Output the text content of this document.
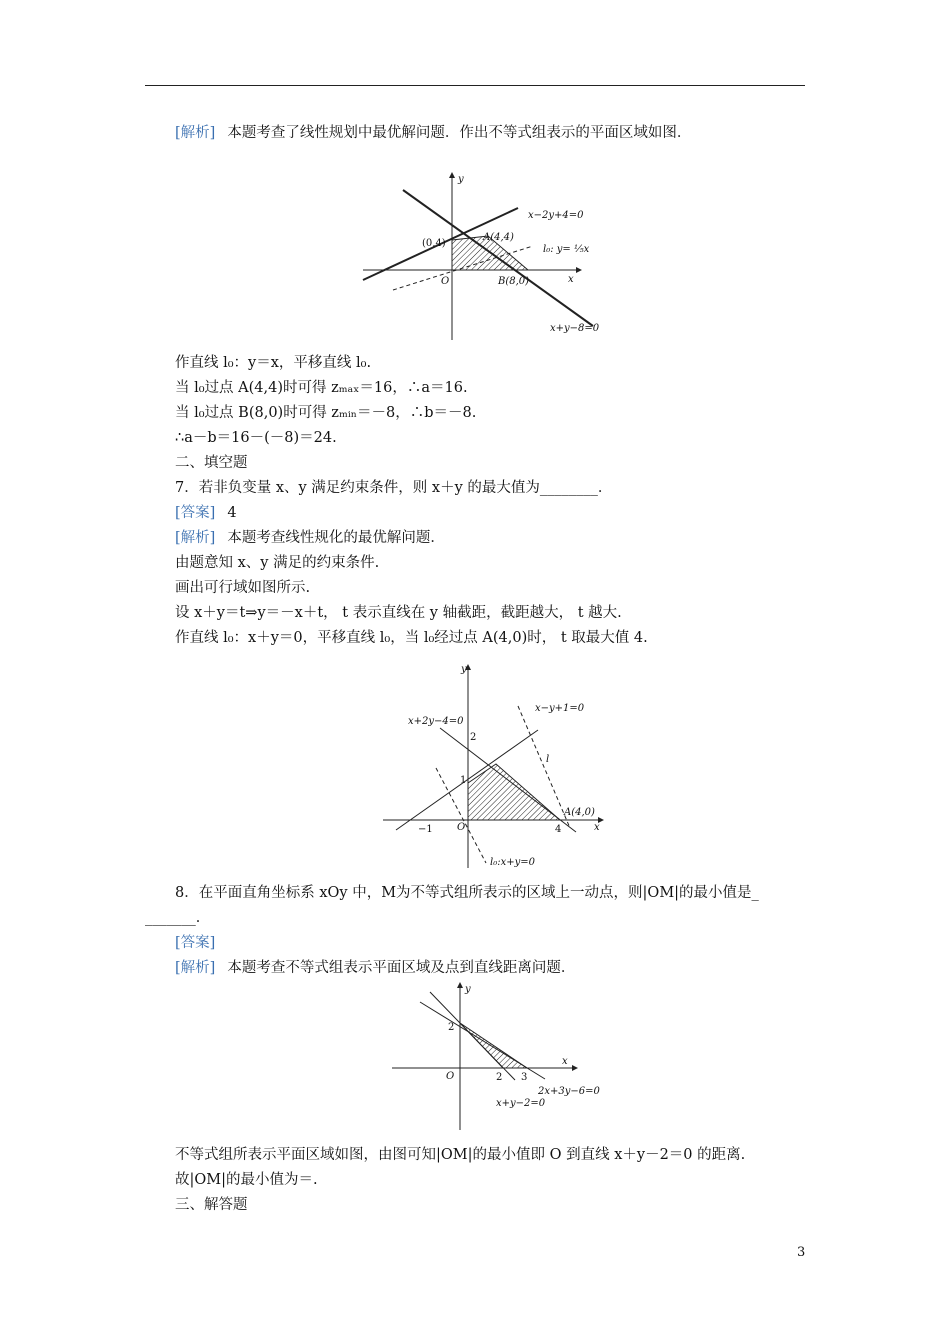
[解析] 本题考查了线性规划中最优解问题．作出不等式组表示的平面区域如图．
y
x
O
x−2y+4=0
(0,4)
A(4,4)
l₀: y= ⅕x
B(8,0)
x+y−8=0
作直线 l₀：y＝x，平移直线 l₀.
当 l₀过点 A(4,4)时可得 zₘₐₓ＝16，∴a＝16.
当 l₀过点 B(8,0)时可得 zₘᵢₙ＝－8，∴b＝－8.
∴a－b＝16－(－8)＝24.
二、填空题
7．若非负变量 x、y 满足约束条件，则 x＋y 的最大值为________．
[答案] 4
[解析] 本题考查线性规化的最优解问题．
由题意知 x、y 满足的约束条件.
画出可行域如图所示.
设 x＋y＝t⇒y＝－x＋t， t 表示直线在 y 轴截距，截距越大， t 越大.
作直线 l₀：x＋y＝0，平移直线 l₀，当 l₀经过点 A(4,0)时， t 取最大值 4.
y
x
O
x−y+1=0
x+2y−4=0
2
1
−1	4
l
A(4,0)
l₀:x+y=0
8．在平面直角坐标系 xOy 中，M为不等式组所表示的区域上一动点，则|OM|的最小值是_
_______．
[答案]
[解析] 本题考查不等式组表示平面区域及点到直线距离问题．
y
x
O
2
2 3
2x+3y−6=0
x+y−2=0
不等式组所表示平面区域如图，由图可知|OM|的最小值即 O 到直线 x＋y－2＝0 的距离.
故|OM|的最小值为＝.
三、解答题
3
